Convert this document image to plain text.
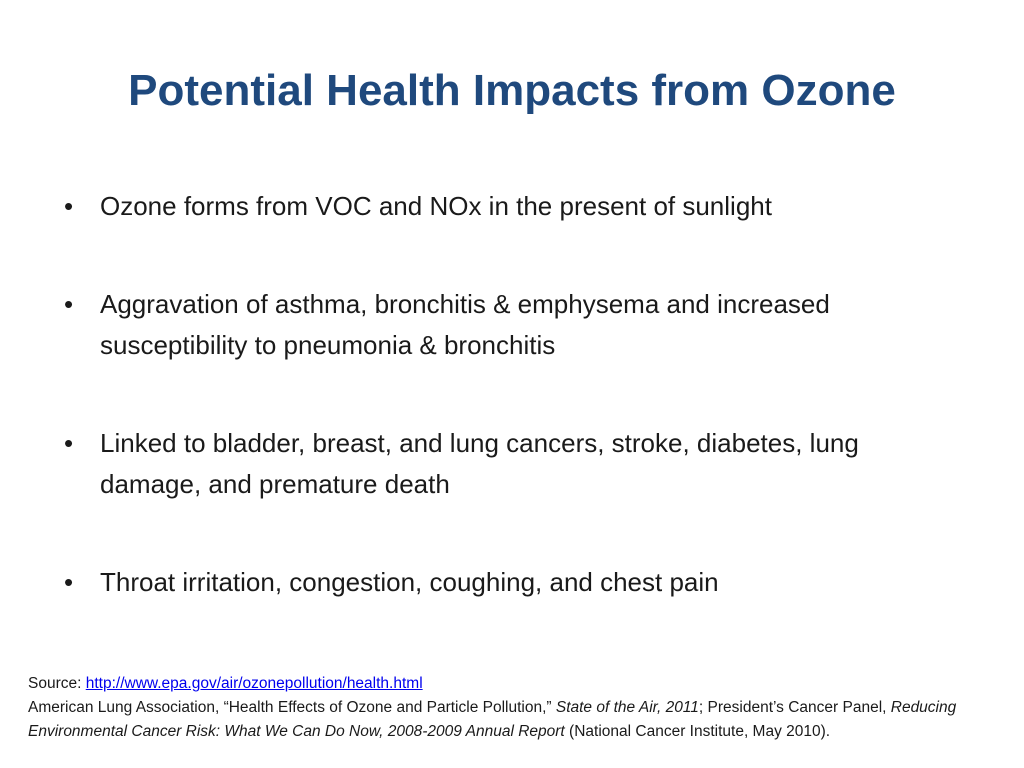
Potential Health Impacts from Ozone
• Ozone forms from VOC and NOx in the present of sunlight
• Aggravation of asthma, bronchitis & emphysema and increased susceptibility to pneumonia & bronchitis
• Linked to bladder, breast, and lung cancers, stroke, diabetes, lung damage, and premature death
• Throat irritation, congestion, coughing, and chest pain
Source: http://www.epa.gov/air/ozonepollution/health.html
American Lung Association, “Health Effects of Ozone and Particle Pollution,” State of the Air, 2011; President’s Cancer Panel, Reducing Environmental Cancer Risk: What We Can Do Now, 2008-2009 Annual Report (National Cancer Institute, May 2010).
